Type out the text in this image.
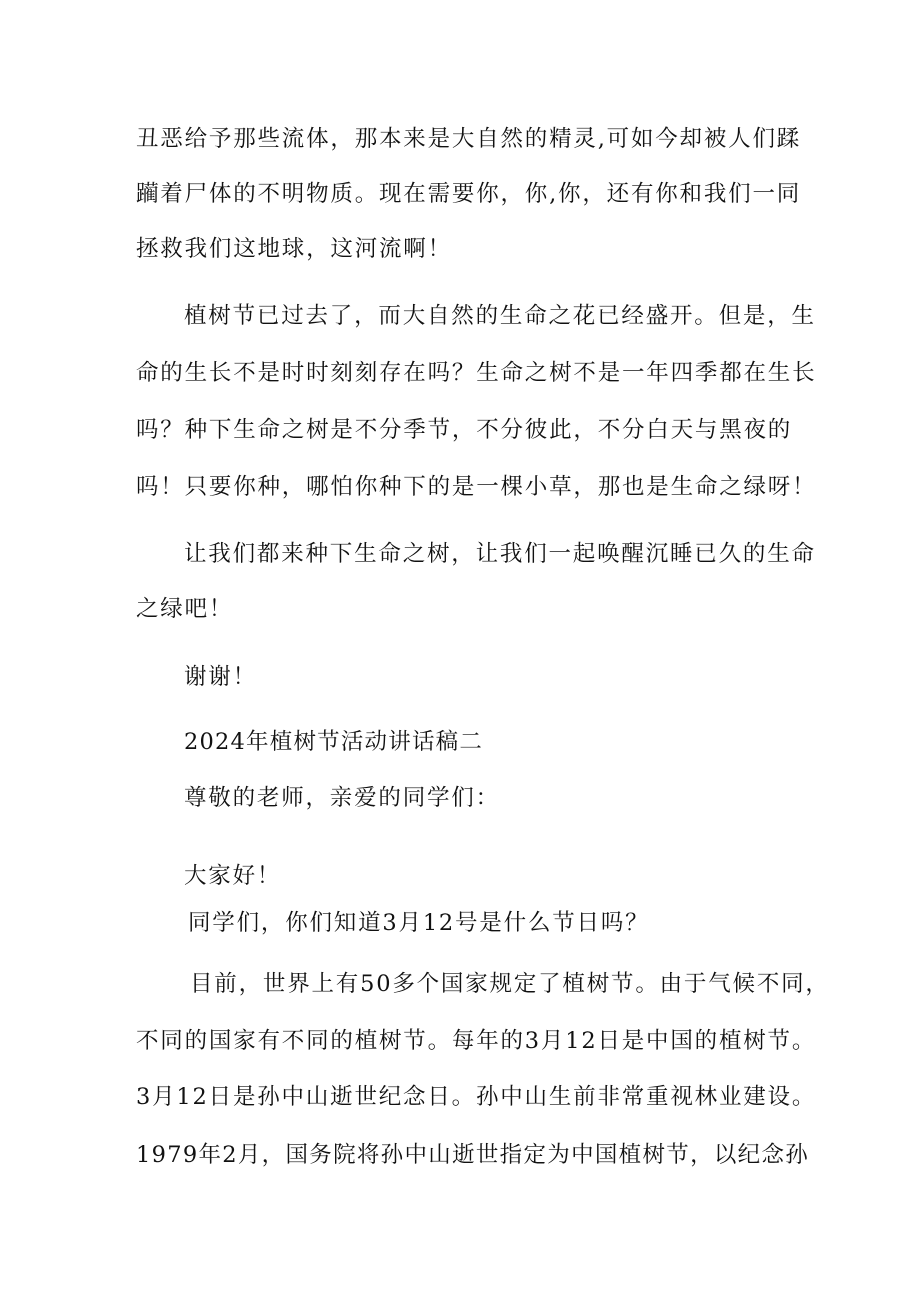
丑恶给予那些流体，那本来是大自然的精灵,可如今却被人们蹂
躏着尸体的不明物质。现在需要你，你,你，还有你和我们一同
拯救我们这地球，这河流啊！
植树节已过去了，而大自然的生命之花已经盛开。但是，生
命的生长不是时时刻刻存在吗？生命之树不是一年四季都在生长
吗？种下生命之树是不分季节，不分彼此，不分白天与黑夜的
吗！只要你种，哪怕你种下的是一棵小草，那也是生命之绿呀！
让我们都来种下生命之树，让我们一起唤醒沉睡已久的生命
之绿吧！
谢谢！
2024年植树节活动讲话稿二
尊敬的老师，亲爱的同学们：
大家好！
同学们，你们知道3月12号是什么节日吗？
目前，世界上有50多个国家规定了植树节。由于气候不同，
不同的国家有不同的植树节。每年的3月12日是中国的植树节。
3月12日是孙中山逝世纪念日。孙中山生前非常重视林业建设。
1979年2月，国务院将孙中山逝世指定为中国植树节，以纪念孙
